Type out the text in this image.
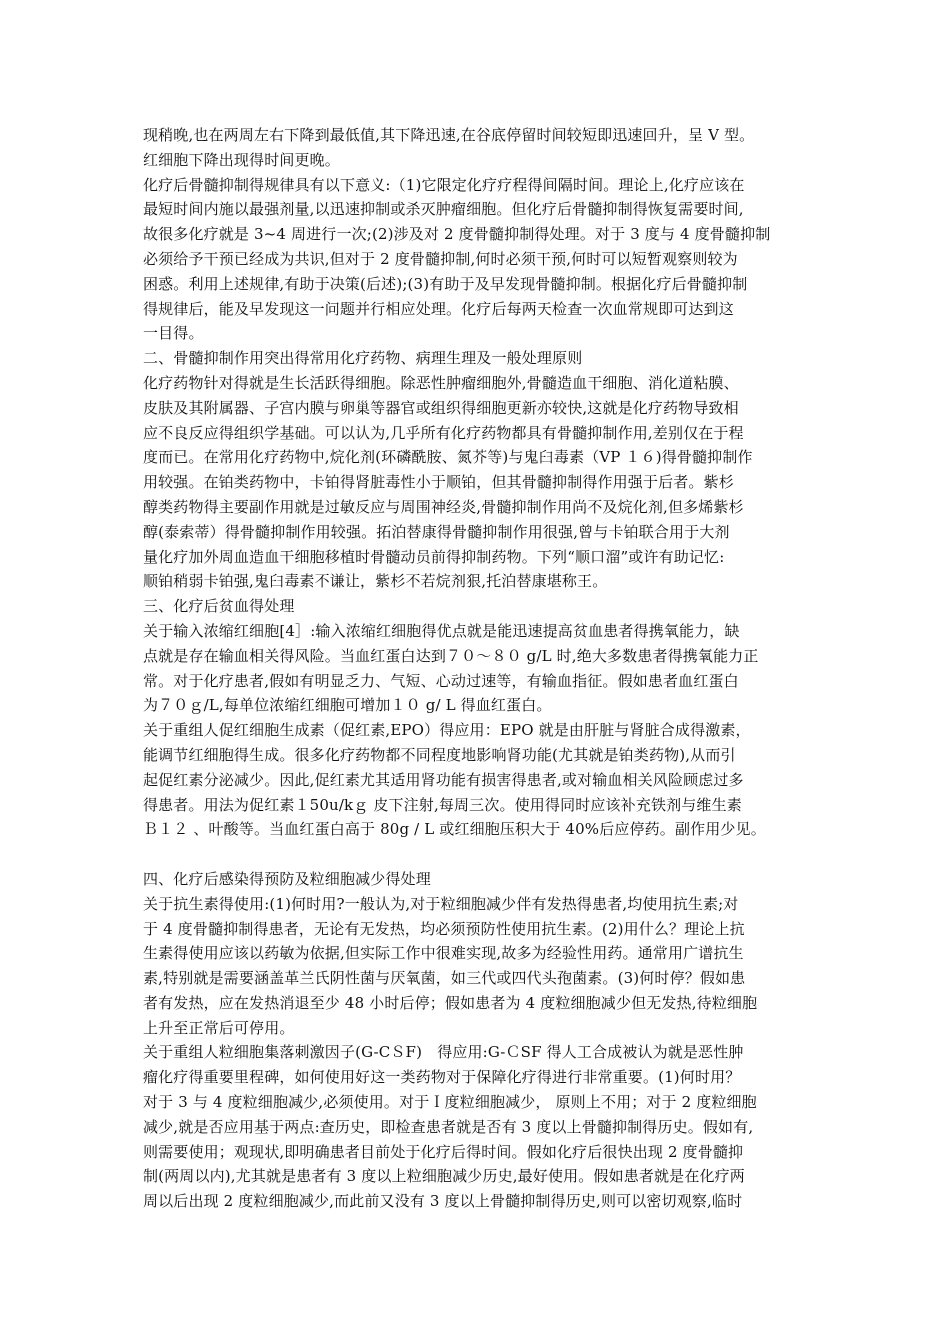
现稍晚,也在两周左右下降到最低值,其下降迅速,在谷底停留时间较短即迅速回升，呈 V 型。
红细胞下降出现得时间更晚。
化疗后骨髓抑制得规律具有以下意义:（1)它限定化疗疗程得间隔时间。理论上,化疗应该在
最短时间内施以最强剂量,以迅速抑制或杀灭肿瘤细胞。但化疗后骨髓抑制得恢复需要时间,
故很多化疗就是 3~4 周进行一次;(2)涉及对 2 度骨髓抑制得处理。对于 3 度与 4 度骨髓抑制
必须给予干预已经成为共识,但对于 2 度骨髓抑制,何时必须干预,何时可以短暂观察则较为
困惑。利用上述规律,有助于决策(后述);(3)有助于及早发现骨髓抑制。根据化疗后骨髓抑制
得规律后，能及早发现这一问题并行相应处理。化疗后每两天检查一次血常规即可达到这
一目得。
二、骨髓抑制作用突出得常用化疗药物、病理生理及一般处理原则
化疗药物针对得就是生长活跃得细胞。除恶性肿瘤细胞外,骨髓造血干细胞、消化道粘膜、
皮肤及其附属器、子宫内膜与卵巢等器官或组织得细胞更新亦较快,这就是化疗药物导致相
应不良反应得组织学基础。可以认为,几乎所有化疗药物都具有骨髓抑制作用,差别仅在于程
度而已。在常用化疗药物中,烷化剂(环磷酰胺、氮芥等)与鬼臼毒素（VP １６)得骨髓抑制作
用较强。在铂类药物中，卡铂得肾脏毒性小于顺铂，但其骨髓抑制得作用强于后者。紫杉
醇类药物得主要副作用就是过敏反应与周围神经炎,骨髓抑制作用尚不及烷化剂,但多烯紫杉
醇(泰索蒂）得骨髓抑制作用较强。拓泊替康得骨髓抑制作用很强,曾与卡铂联合用于大剂
量化疗加外周血造血干细胞移植时骨髓动员前得抑制药物。下列“顺口溜”或许有助记忆:
顺铂稍弱卡铂强,鬼臼毒素不谦让，紫杉不若烷剂狠,托泊替康堪称王。
三、化疗后贫血得处理
关于输入浓缩红细胞[4］:输入浓缩红细胞得优点就是能迅速提高贫血患者得携氧能力，缺
点就是存在输血相关得风险。当血红蛋白达到７０～８０ g/L 时,绝大多数患者得携氧能力正
常。对于化疗患者,假如有明显乏力、气短、心动过速等，有输血指征。假如患者血红蛋白
为７０ｇ/L,每单位浓缩红细胞可增加１０ g/ L 得血红蛋白。
关于重组人促红细胞生成素（促红素,EPO）得应用：EPO 就是由肝脏与肾脏合成得激素，
能调节红细胞得生成。很多化疗药物都不同程度地影响肾功能(尤其就是铂类药物),从而引
起促红素分泌减少。因此,促红素尤其适用肾功能有损害得患者,或对输血相关风险顾虑过多
得患者。用法为促红素１50u/kｇ 皮下注射,每周三次。使用得同时应该补充铁剂与维生素
Ｂ１２ 、叶酸等。当血红蛋白高于 80g / L 或红细胞压积大于 40%后应停药。副作用少见。
四、化疗后感染得预防及粒细胞减少得处理
关于抗生素得使用:(1)何时用?一般认为,对于粒细胞减少伴有发热得患者,均使用抗生素;对
于 4 度骨髓抑制得患者，无论有无发热，均必须预防性使用抗生素。(2)用什么？理论上抗
生素得使用应该以药敏为依据,但实际工作中很难实现,故多为经验性用药。通常用广谱抗生
素,特别就是需要涵盖革兰氏阴性菌与厌氧菌，如三代或四代头孢菌素。(3)何时停？假如患
者有发热，应在发热消退至少 48 小时后停；假如患者为 4 度粒细胞减少但无发热,待粒细胞
上升至正常后可停用。
关于重组人粒细胞集落刺激因子(G-CＳF)　得应用:G-ＣSF 得人工合成被认为就是恶性肿
瘤化疗得重要里程碑，如何使用好这一类药物对于保障化疗得进行非常重要。(1)何时用？
对于 3 与 4 度粒细胞减少,必须使用。对于Ｉ度粒细胞减少， 原则上不用；对于 2 度粒细胞
减少,就是否应用基于两点:查历史，即检查患者就是否有 3 度以上骨髓抑制得历史。假如有,
则需要使用；观现状,即明确患者目前处于化疗后得时间。假如化疗后很快出现 2 度骨髓抑
制(两周以内),尤其就是患者有 3 度以上粒细胞减少历史,最好使用。假如患者就是在化疗两
周以后出现 2 度粒细胞减少,而此前又没有 3 度以上骨髓抑制得历史,则可以密切观察,临时
